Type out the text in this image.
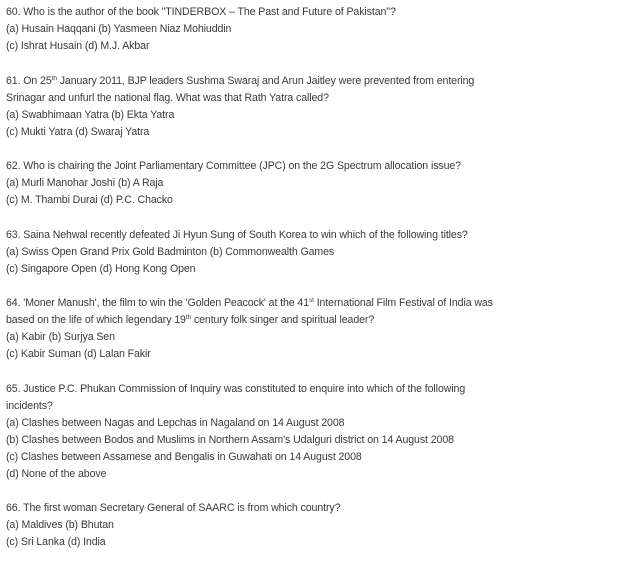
60. Who is the author of the book "TINDERBOX – The Past and Future of Pakistan"?
(a) Husain Haqqani (b) Yasmeen Niaz Mohiuddin
(c) Ishrat Husain (d) M.J. Akbar
61. On 25th January 2011, BJP leaders Sushma Swaraj and Arun Jaitley were prevented from entering
Srinagar and unfurl the national flag. What was that Rath Yatra called?
(a) Swabhimaan Yatra (b) Ekta Yatra
(c) Mukti Yatra (d) Swaraj Yatra
62. Who is chairing the Joint Parliamentary Committee (JPC) on the 2G Spectrum allocation issue?
(a) Murli Manohar Joshi (b) A Raja
(c) M. Thambi Durai (d) P.C. Chacko
63. Saina Nehwal recently defeated Ji Hyun Sung of South Korea to win which of the following titles?
(a) Swiss Open Grand Prix Gold Badminton (b) Commonwealth Games
(c) Singapore Open (d) Hong Kong Open
64. 'Moner Manush', the film to win the 'Golden Peacock' at the 41st International Film Festival of India was
based on the life of which legendary 19th century folk singer and spiritual leader?
(a) Kabir (b) Surjya Sen
(c) Kabir Suman (d) Lalan Fakir
65. Justice P.C. Phukan Commission of Inquiry was constituted to enquire into which of the following
incidents?
(a) Clashes between Nagas and Lepchas in Nagaland on 14 August 2008
(b) Clashes between Bodos and Muslims in Northern Assam's Udalguri district on 14 August 2008
(c) Clashes between Assamese and Bengalis in Guwahati on 14 August 2008
(d) None of the above
66. The first woman Secretary General of SAARC is from which country?
(a) Maldives (b) Bhutan
(c) Sri Lanka (d) India
